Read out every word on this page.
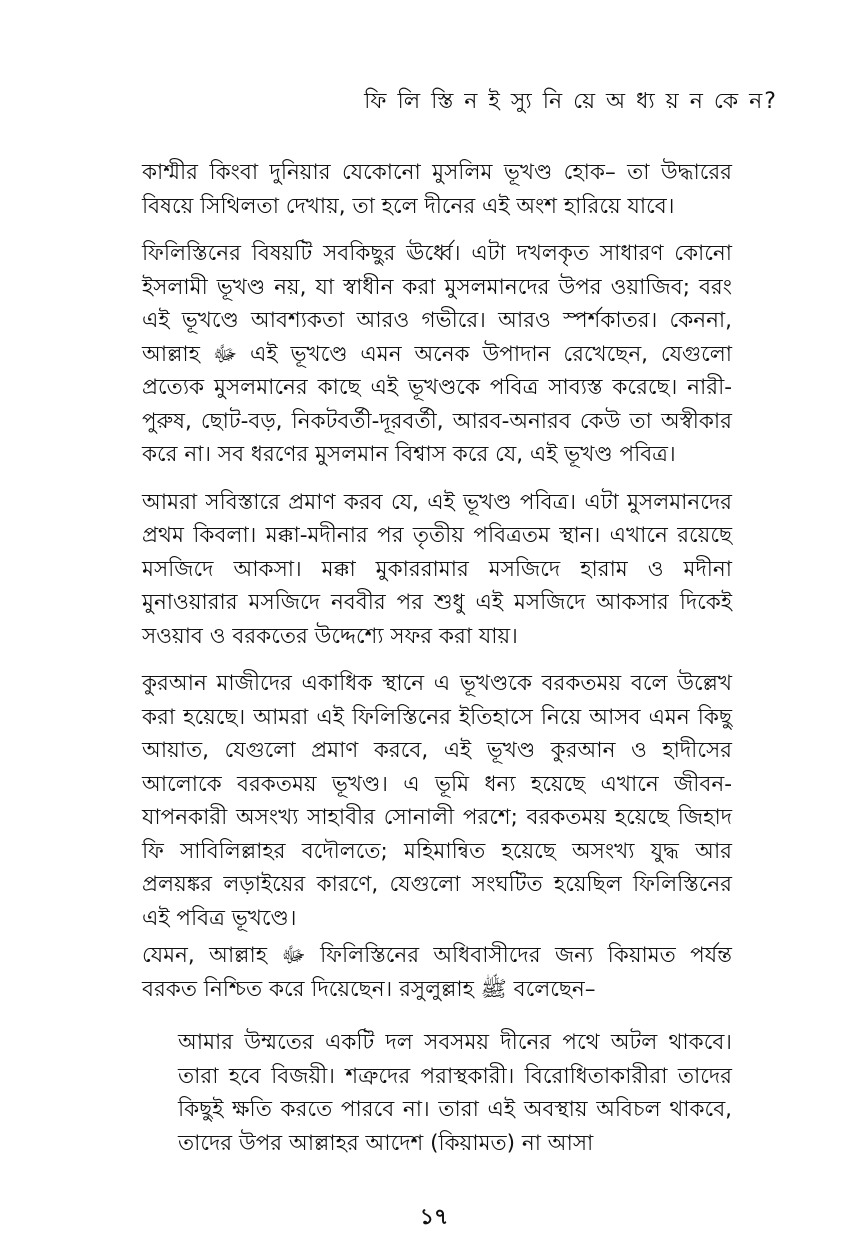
ফি লি স্তি ন ই স্যু নি য়ে অ ধ্য য় ন কে ন?

কাশ্মীর কিংবা দুনিয়ার যেকোনো মুসলিম ভূখণ্ড হোক– তা উদ্ধারের বিষয়ে সিথিলতা দেখায়, তা হলে দীনের এই অংশ হারিয়ে যাবে।

ফিলিস্তিনের বিষয়টি সবকিছুর ঊর্ধ্বে। এটা দখলকৃত সাধারণ কোনো ইসলামী ভূখণ্ড নয়, যা স্বাধীন করা মুসলমানদের উপর ওয়াজিব; বরং এই ভূখণ্ডে আবশ্যকতা আরও গভীরে। আরও স্পর্শকাতর। কেননা, আল্লাহ ﷻ এই ভূখণ্ডে এমন অনেক উপাদান রেখেছেন, যেগুলো প্রত্যেক মুসলমানের কাছে এই ভূখণ্ডকে পবিত্র সাব্যস্ত করেছে। নারী-পুরুষ, ছোট-বড়, নিকটবর্তী-দূরবর্তী, আরব-অনারব কেউ তা অস্বীকার করে না। সব ধরণের মুসলমান বিশ্বাস করে যে, এই ভূখণ্ড পবিত্র।

আমরা সবিস্তারে প্রমাণ করব যে, এই ভূখণ্ড পবিত্র। এটা মুসলমানদের প্রথম কিবলা। মক্কা-মদীনার পর তৃতীয় পবিত্রতম স্থান। এখানে রয়েছে মসজিদে আকসা। মক্কা মুকাররামার মসজিদে হারাম ও মদীনা মুনাওয়ারার মসজিদে নববীর পর শুধু এই মসজিদে আকসার দিকেই সওয়াব ও বরকতের উদ্দেশ্যে সফর করা যায়।

কুরআন মাজীদের একাধিক স্থানে এ ভূখণ্ডকে বরকতময় বলে উল্লেখ করা হয়েছে। আমরা এই ফিলিস্তিনের ইতিহাসে নিয়ে আসব এমন কিছু আয়াত, যেগুলো প্রমাণ করবে, এই ভূখণ্ড কুরআন ও হাদীসের আলোকে বরকতময় ভূখণ্ড। এ ভূমি ধন্য হয়েছে এখানে জীবন-যাপনকারী অসংখ্য সাহাবীর সোনালী পরশে; বরকতময় হয়েছে জিহাদ ফি সাবিলিল্লাহর বদৌলতে; মহিমান্বিত হয়েছে অসংখ্য যুদ্ধ আর প্রলয়ঙ্কর লড়াইয়ের কারণে, যেগুলো সংঘটিত হয়েছিল ফিলিস্তিনের এই পবিত্র ভূখণ্ডে।

যেমন, আল্লাহ ﷻ ফিলিস্তিনের অধিবাসীদের জন্য কিয়ামত পর্যন্ত বরকত নিশ্চিত করে দিয়েছেন। রসুলুল্লাহ ﷺ বলেছেন–

আমার উম্মতের একটি দল সবসময় দীনের পথে অটল থাকবে। তারা হবে বিজয়ী। শত্রুদের পরাস্থকারী। বিরোধিতাকারীরা তাদের কিছুই ক্ষতি করতে পারবে না। তারা এই অবস্থায় অবিচল থাকবে, তাদের উপর আল্লাহর আদেশ (কিয়ামত) না আসা

১৭
